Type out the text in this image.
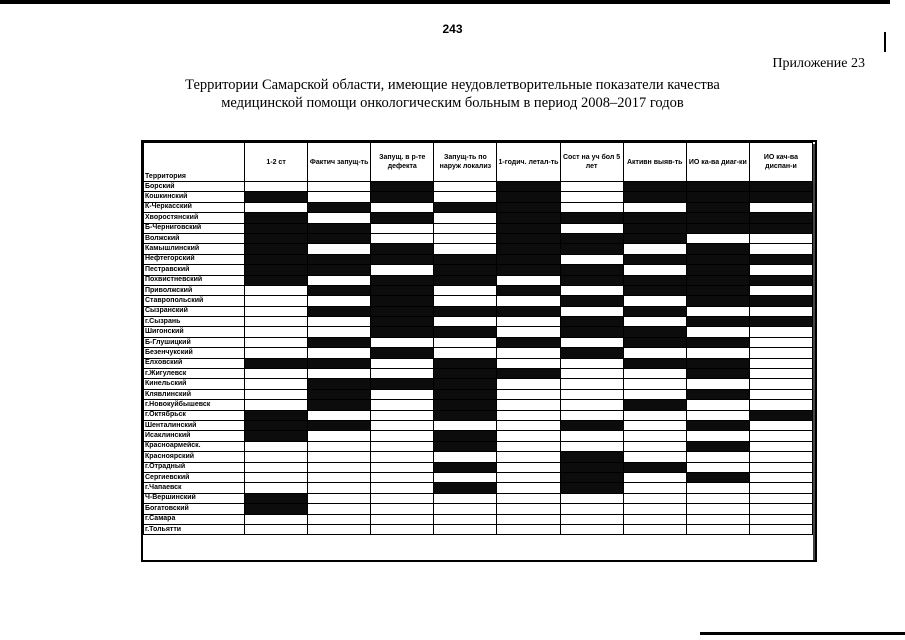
243
Приложение 23
Территории Самарской области, имеющие неудовлетворительные показатели качества
медицинской помощи онкологическим больным в период 2008–2017 годов
Территория	1-2 ст	Фактич запущ-ть	Запущ. в р-те дефекта	Запущ-ть по наруж локализ	1-годич. летал-ть	Сост на уч бол 5 лет	Активн выяв-ть	ИО ка-ва диаг-ки	ИО кач-ва диспан-и
Борский									
Кошкинский									
К-Черкасский									
Хворостянский									
Б-Черниговский									
Волжский									
Камышлинский									
Нефтегорский									
Пестравский									
Похвистневский									
Приволжский									
Ставропольский									
Сызранский									
г.Сызрань									
Шигонский									
Б-Глушицкий									
Безенчукский									
Елховский									
г.Жигулевск									
Кинельский									
Клявлинский									
г.Новокуйбышевск									
г.Октябрьск									
Шенталинский									
Исаклинский									
Красноармейск.									
Красноярский									
г.Отрадный									
Сергиевский									
г.Чапаевск									
Ч-Вершинский									
Богатовский									
г.Самара									
г.Тольятти									
